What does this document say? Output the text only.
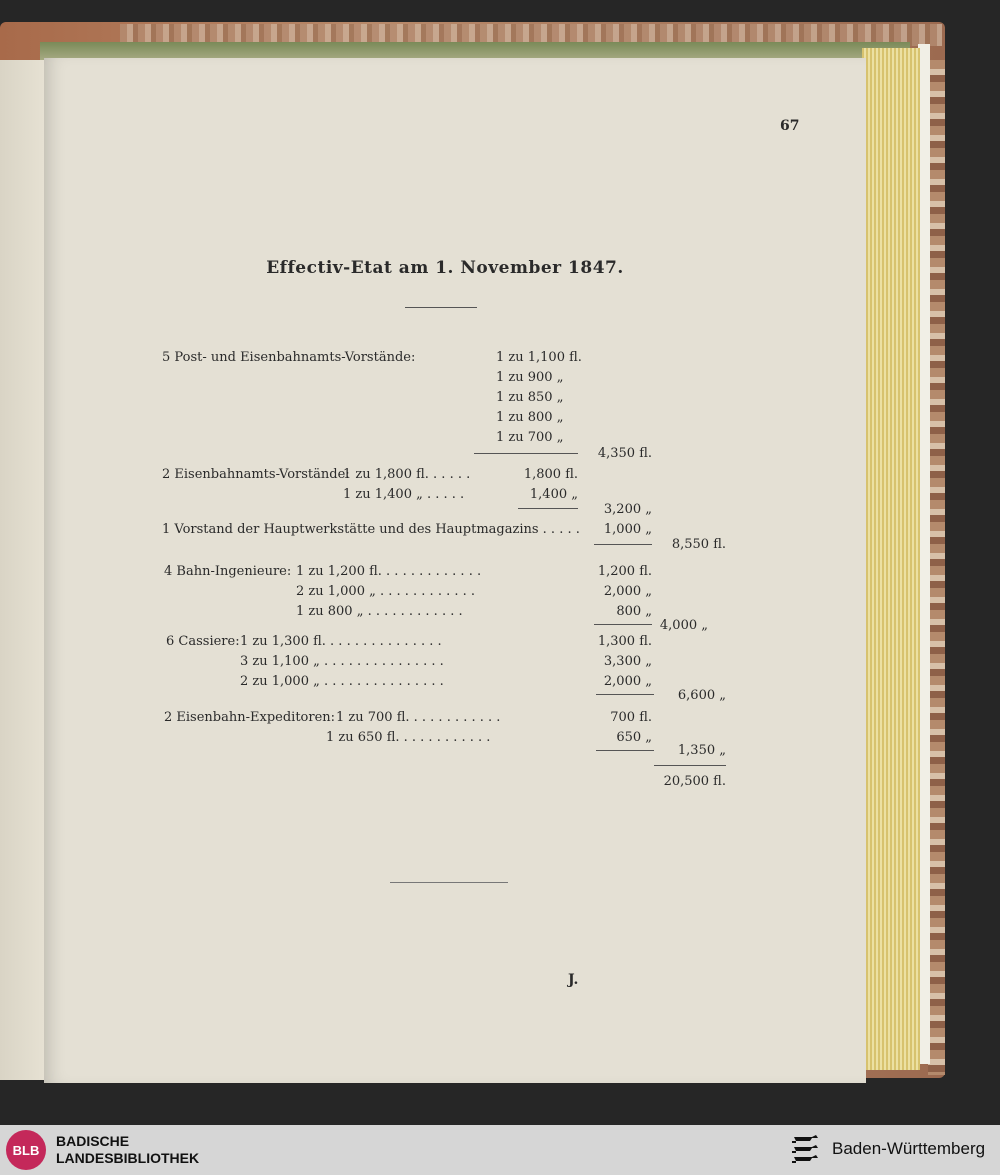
67
Effectiv-Etat am 1. November 1847.
5 Post- und Eisenbahnamts-Vorstände:	1 zu 1,100 fl.
1 zu 900 „
1 zu 850 „
1 zu 800 „
1 zu 700 „
4,350 fl.
2 Eisenbahnamts-Vorstände:
1 zu 1,800 fl. . . . . .	1,800 fl.
1 zu 1,400 „ . . . . .	1,400 „
3,200 „
1 Vorstand der Hauptwerkstätte und des Hauptmagazins . . . . .	1,000 „
8,550 fl.
4 Bahn-Ingenieure: 1 zu 1,200 fl. . . . . . . . . . . . .	1,200 fl.
2 zu 1,000 „ . . . . . . . . . . . .	2,000 „
1 zu 800 „ . . . . . . . . . . . .	800 „
4,000 „
6 Cassiere: 1 zu 1,300 fl. . . . . . . . . . . . . . .	1,300 fl.
3 zu 1,100 „ . . . . . . . . . . . . . . .	3,300 „
2 zu 1,000 „ . . . . . . . . . . . . . . .	2,000 „
6,600 „
2 Eisenbahn-Expeditoren: 1 zu 700 fl. . . . . . . . . . . .	700 fl.
1 zu 650 fl. . . . . . . . . . . .	650 „
1,350 „
20,500 fl.
J.
BLB
BADISCHE
LANDESBIBLIOTHEK	Baden-Württemberg
